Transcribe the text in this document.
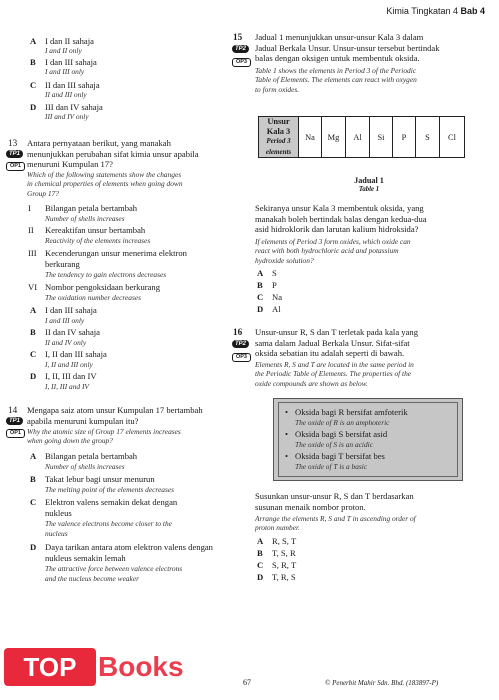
Kimia Tingkatan 4 Bab 4
A I dan II sahaja
I and II only
B I dan III sahaja
I and III only
C II dan III sahaja
II and III only
D III dan IV sahaja
III and IV only
13
TP1
OP1
Antara pernyataan berikut, yang manakah
menunjukkan perubahan sifat kimia unsur apabila
menuruni Kumpulan 17?
Which of the following statements show the changes
in chemical properties of elements when going down
Group 17?
I Bilangan petala bertambah
Number of shells increases
II Kereaktifan unsur bertambah
Reactivity of the elements increases
III Kecenderungan unsur menerima elektron
berkurang
The tendency to gain electrons decreases
VI Nombor pengoksidaan berkurang
The oxidation number decreases
A I dan III sahaja
I and III only
B II dan IV sahaja
II and IV only
C I, II dan III sahaja
I, II and III only
D I, II, III dan IV
I, II, III and IV
14
TP1
OP1
Mengapa saiz atom unsur Kumpulan 17 bertambah
apabila menuruni kumpulan itu?
Why the atomic size of Group 17 elements increases
when going down the group?
A Bilangan petala bertambah
Number of shells increases
B Takat lebur bagi unsur menurun
The melting point of the elements decreases
C Elektron valens semakin dekat dengan
nukleus
The valence electrons become closer to the
nucleus
D Daya tarikan antara atom elektron valens dengan
nukleus semakin lemah
The attractive force between valence electrons
and the nucleus become weaker
TOP Books
15
TP2
OP3
Jadual 1 menunjukkan unsur-unsur Kala 3 dalam
Jadual Berkala Unsur. Unsur-unsur tersebut bertindak
balas dengan oksigen untuk membentuk oksida.
Table 1 shows the elements in Period 3 of the Periodic
Table of Elements. The elements can react with oxygen
to form oxides.
Unsur
Kala 3
Period 3
elements
	Na	Mg	Al	Si	P	S	Cl
Jadual 1
Table 1
Sekiranya unsur Kala 3 membentuk oksida, yang
manakah boleh bertindak balas dengan kedua-dua
asid hidroklorik dan larutan kalium hidroksida?
If elements of Period 3 form oxides, which oxide can
react with both hydrochloric acid and potassium
hydroxide solution?
A S
B P
C Na
D Al
16
TP2
OP3
Unsur-unsur R, S dan T terletak pada kala yang
sama dalam Jadual Berkala Unsur. Sifat-sifat
oksida sebatian itu adalah seperti di bawah.
Elements R, S and T are located in the same period in
the Periodic Table of Elements. The properties of the
oxide compounds are shown as below.
• Oksida bagi R bersifat amfoterik
The oxide of R is an amphoteric
• Oksida bagi S bersifat asid
The oxide of S is an acidic
• Oksida bagi T bersifat bes
The oxide of T is a basic
Susunkan unsur-unsur R, S dan T berdasarkan
susunan menaik nombor proton.
Arrange the elements R, S and T in ascending order of
proton number.
A R, S, T
B T, S, R
C S, R, T
D T, R, S
67	© Penerbit Mahir Sdn. Bhd. (183897-P)
